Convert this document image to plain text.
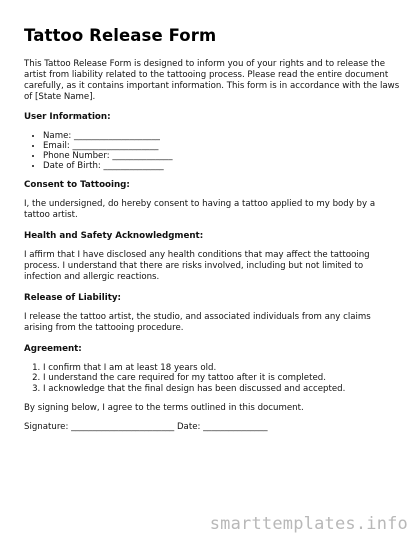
Tattoo Release Form

This Tattoo Release Form is designed to inform you of your rights and to release the artist from liability related to the tattooing process. Please read the entire document carefully, as it contains important information. This form is in accordance with the laws of [State Name].

User Information:
• Name: ____________________
• Email: ____________________
• Phone Number: ______________
• Date of Birth: ______________
Consent to Tattooing:

I, the undersigned, do hereby consent to having a tattoo applied to my body by a tattoo artist.

Health and Safety Acknowledgment:

I affirm that I have disclosed any health conditions that may affect the tattooing process. I understand that there are risks involved, including but not limited to infection and allergic reactions.

Release of Liability:

I release the tattoo artist, the studio, and associated individuals from any claims arising from the tattooing procedure.

Agreement:
1. I confirm that I am at least 18 years old.
2. I understand the care required for my tattoo after it is completed.
3. I acknowledge that the final design has been discussed and accepted.

By signing below, I agree to the terms outlined in this document.

Signature: ________________________ Date: _______________
smarttemplates.info
